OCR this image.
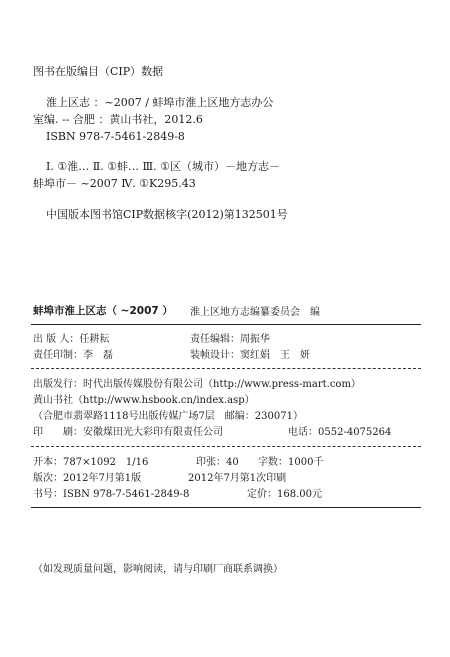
图书在版编目（CIP）数据
淮上区志 ：~2007 / 蚌埠市淮上区地方志办公
室编. -- 合肥 ：黄山书社，2012.6
ISBN 978-7-5461-2849-8
Ⅰ. ①淮… Ⅱ. ①蚌… Ⅲ. ①区（城市）－地方志－
蚌埠市－ ~2007 Ⅳ. ①K295.43
中国版本图书馆CIP数据核字(2012)第132501号
蚌埠市淮上区志（ ~2007 ） 淮上区地方志编纂委员会　编
出 版 人：任耕耘	责任编辑：周振华
责任印制：李　磊	装帧设计：窦红娟　王　妍
出版发行：时代出版传媒股份有限公司（http://www.press-mart.com）
黄山书社（http://www.hsbook.cn/index.asp）
（合肥市翡翠路1118号出版传媒广场7层　邮编：230071）
印　　刷：安徽煤田光大彩印有限责任公司	电话：0552-4075264
开本：787×1092　1/16	印张：40 字数：1000千
版次：2012年7月第1版	2012年7月第1次印刷
书号：ISBN 978-7-5461-2849-8	定价：168.00元
（如发现质量问题，影响阅读，请与印刷厂商联系调换）
